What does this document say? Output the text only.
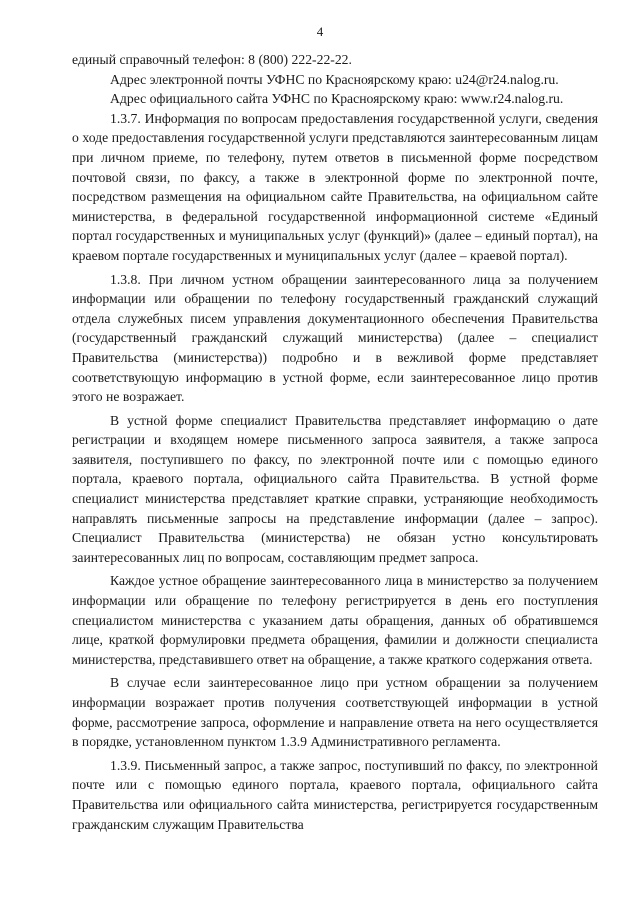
4

единый справочный телефон: 8 (800) 222-22-22.

Адрес электронной почты УФНС по Красноярскому краю: u24@r24.nalog.ru.

Адрес официального сайта УФНС по Красноярскому краю: www.r24.nalog.ru.

1.3.7. Информация по вопросам предоставления государственной услуги, сведения о ходе предоставления государственной услуги представляются заинтересованным лицам при личном приеме, по телефону, путем ответов в письменной форме посредством почтовой связи, по факсу, а также в электронной форме по электронной почте, посредством размещения на официальном сайте Правительства, на официальном сайте министерства, в федеральной государственной информационной системе «Единый портал государственных и муниципальных услуг (функций)» (далее – единый портал), на краевом портале государственных и муниципальных услуг (далее – краевой портал).

1.3.8. При личном устном обращении заинтересованного лица за получением информации или обращении по телефону государственный гражданский служащий отдела служебных писем управления документационного обеспечения Правительства (государственный гражданский служащий министерства) (далее – специалист Правительства (министерства)) подробно и в вежливой форме представляет соответствующую информацию в устной форме, если заинтересованное лицо против этого не возражает.

В устной форме специалист Правительства представляет информацию о дате регистрации и входящем номере письменного запроса заявителя, а также запроса заявителя, поступившего по факсу, по электронной почте или с помощью единого портала, краевого портала, официального сайта Правительства. В устной форме специалист министерства представляет краткие справки, устраняющие необходимость направлять письменные запросы на представление информации (далее – запрос). Специалист Правительства (министерства) не обязан устно консультировать заинтересованных лиц по вопросам, составляющим предмет запроса.

Каждое устное обращение заинтересованного лица в министерство за получением информации или обращение по телефону регистрируется в день его поступления специалистом министерства с указанием даты обращения, данных об обратившемся лице, краткой формулировки предмета обращения, фамилии и должности специалиста министерства, представившего ответ на обращение, а также краткого содержания ответа.

В случае если заинтересованное лицо при устном обращении за получением информации возражает против получения соответствующей информации в устной форме, рассмотрение запроса, оформление и направление ответа на него осуществляется в порядке, установленном пунктом 1.3.9 Административного регламента.

1.3.9. Письменный запрос, а также запрос, поступивший по факсу, по электронной почте или с помощью единого портала, краевого портала, официального сайта Правительства или официального сайта министерства, регистрируется государственным гражданским служащим Правительства
